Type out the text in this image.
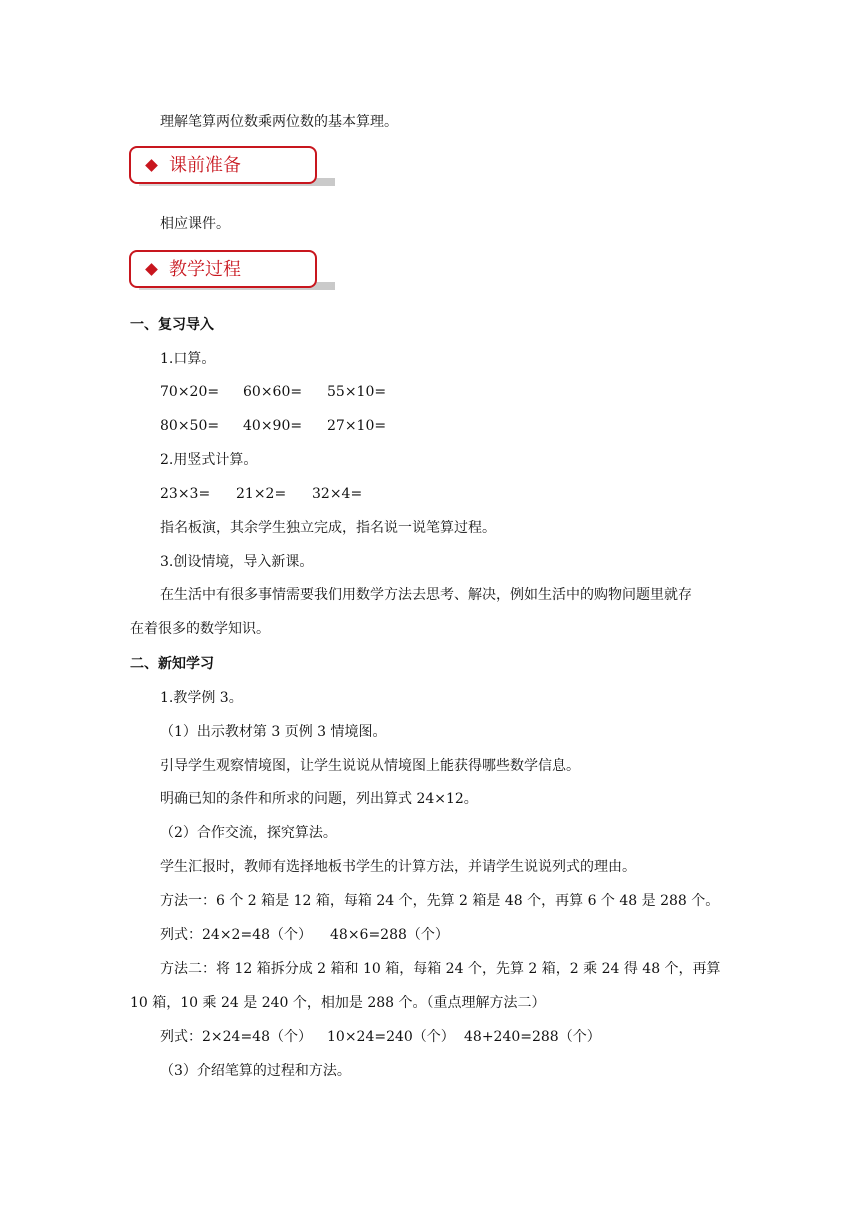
理解笔算两位数乘两位数的基本算理。
课前准备
相应课件。
教学过程
一、复习导入
1.口算。
70×20= 60×60= 55×10=
80×50= 40×90= 27×10=
2.用竖式计算。
23×3= 21×2= 32×4=
指名板演，其余学生独立完成，指名说一说笔算过程。
3.创设情境，导入新课。
在生活中有很多事情需要我们用数学方法去思考、解决，例如生活中的购物问题里就存
在着很多的数学知识。
二、新知学习
1.教学例 3。
（1）出示教材第 3 页例 3 情境图。
引导学生观察情境图，让学生说说从情境图上能获得哪些数学信息。
明确已知的条件和所求的问题，列出算式 24×12。
（2）合作交流，探究算法。
学生汇报时，教师有选择地板书学生的计算方法，并请学生说说列式的理由。
方法一：6 个 2 箱是 12 箱，每箱 24 个，先算 2 箱是 48 个，再算 6 个 48 是 288 个。
列式：24×2=48（个） 48×6=288（个）
方法二：将 12 箱拆分成 2 箱和 10 箱，每箱 24 个，先算 2 箱，2 乘 24 得 48 个，再算
10 箱，10 乘 24 是 240 个，相加是 288 个。（重点理解方法二）
列式：2×24=48（个） 10×24=240（个） 48+240=288（个）
（3）介绍笔算的过程和方法。
